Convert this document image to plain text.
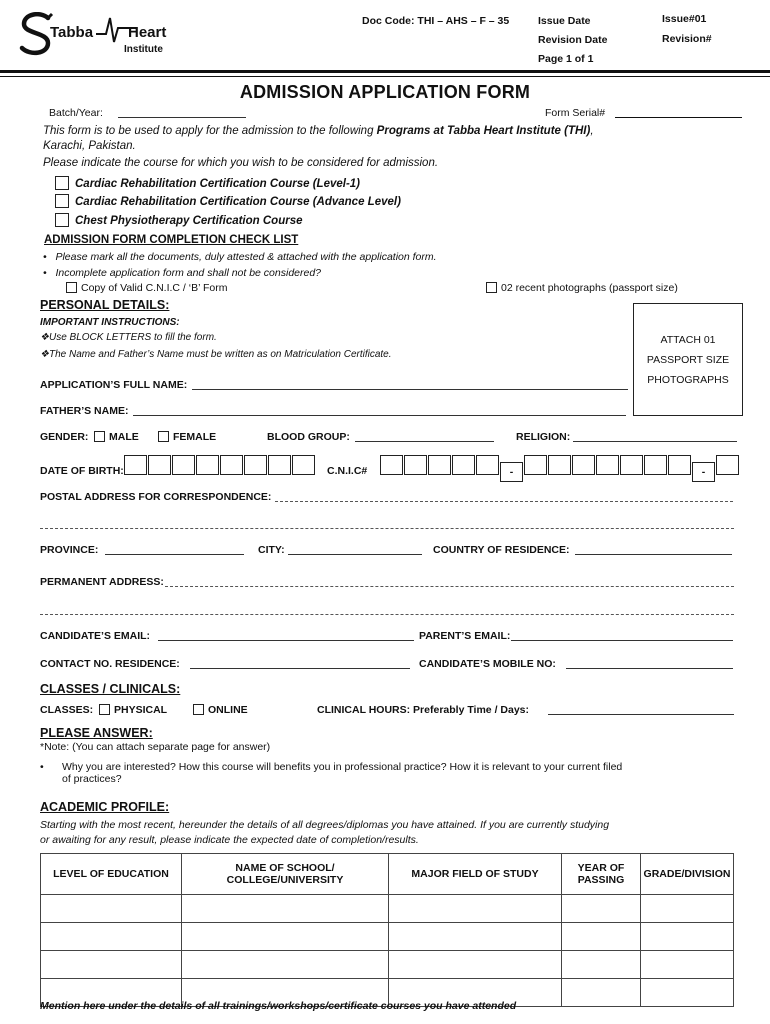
Tabba Heart
Institute
Doc Code: THI – AHS – F – 35	Issue Date
Revision Date
Page 1 of 1
Issue#01
Revision#
ADMISSION APPLICATION FORM
Batch/Year:	Form Serial#
This form is to be used to apply for the admission to the following Programs at Tabba Heart Institute (THI),
Karachi, Pakistan.
Please indicate the course for which you wish to be considered for admission.
Cardiac Rehabilitation Certification Course (Level-1)
Cardiac Rehabilitation Certification Course (Advance Level)
Chest Physiotherapy Certification Course
ADMISSION FORM COMPLETION CHECK LIST
•   Please mark all the documents, duly attested & attached with the application form.
•   Incomplete application form and shall not be considered?
Copy of Valid C.N.I.C / ‘B’ Form	02 recent photographs (passport size)
PERSONAL DETAILS:
IMPORTANT INSTRUCTIONS:
❖Use BLOCK LETTERS to fill the form.
❖The Name and Father’s Name must be written as on Matriculation Certificate.
ATTACH 01
PASSPORT SIZE
PHOTOGRAPHS
APPLICATION’S FULL NAME:
FATHER’S NAME:
GENDER:	MALE	FEMALE	BLOOD GROUP:	RELIGION:
DATE OF BIRTH:	C.N.I.C#	-	-
POSTAL ADDRESS FOR CORRESPONDENCE:
PROVINCE:	CITY:	COUNTRY OF RESIDENCE:
PERMANENT ADDRESS:
CANDIDATE’S EMAIL:	PARENT’S EMAIL:
CONTACT NO. RESIDENCE:	CANDIDATE’S MOBILE NO:
CLASSES / CLINICALS:
CLASSES:	PHYSICAL	ONLINE	CLINICAL HOURS: Preferably Time / Days:
PLEASE ANSWER:
*Note: (You can attach separate page for answer)
• Why you are interested? How this course will benefits you in professional practice? How it is relevant to your current filed
of practices?
ACADEMIC PROFILE:
Starting with the most recent, hereunder the details of all degrees/diplomas you have attained. If you are currently studying
or awaiting for any result, please indicate the expected date of completion/results.
LEVEL OF EDUCATION	NAME OF SCHOOL/ COLLEGE/UNIVERSITY	MAJOR FIELD OF STUDY	YEAR OF PASSING	GRADE/DIVISION

Mention here under the details of all trainings/workshops/certificate courses you have attended
